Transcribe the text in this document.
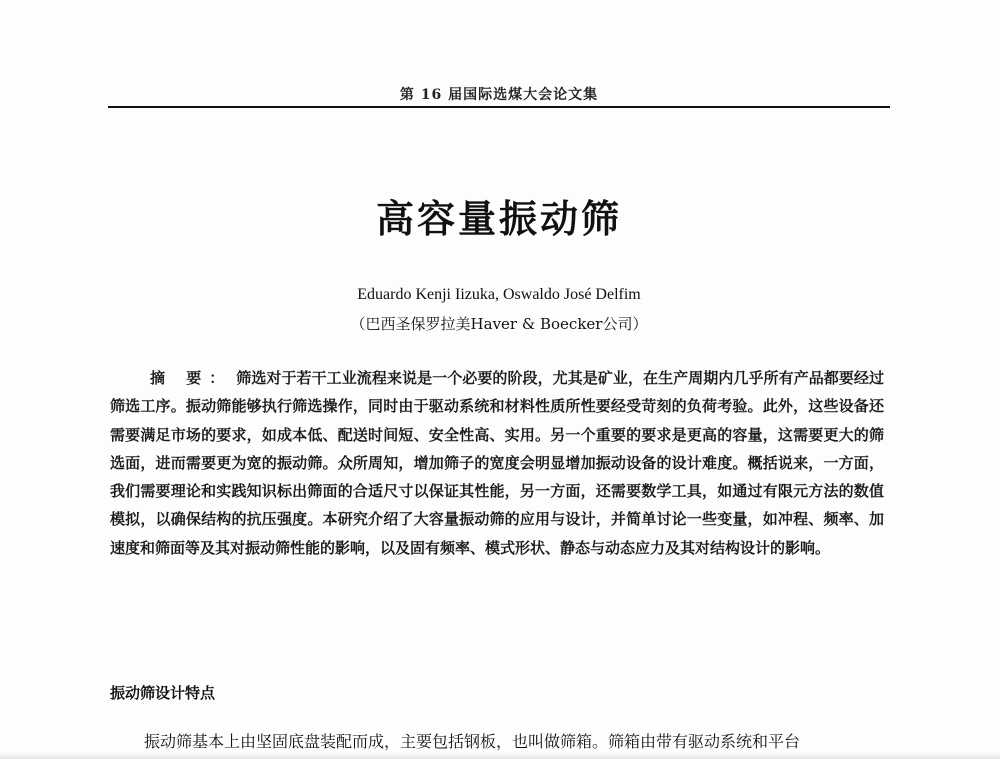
第 16 届国际选煤大会论文集
高容量振动筛
Eduardo Kenji Iizuka, Oswaldo José Delfim
（巴西圣保罗拉美Haver & Boecker公司）
摘 要： 筛选对于若干工业流程来说是一个必要的阶段，尤其是矿业，在生产周期内几乎所有产品都要经过筛选工序。振动筛能够执行筛选操作，同时由于驱动系统和材料性质所性要经受苛刻的负荷考验。此外，这些设备还需要满足市场的要求，如成本低、配送时间短、安全性高、实用。另一个重要的要求是更高的容量，这需要更大的筛选面，进而需要更为宽的振动筛。众所周知，增加筛子的宽度会明显增加振动设备的设计难度。概括说来，一方面，我们需要理论和实践知识标出筛面的合适尺寸以保证其性能，另一方面，还需要数学工具，如通过有限元方法的数值模拟，以确保结构的抗压强度。本研究介绍了大容量振动筛的应用与设计，并简单讨论一些变量，如冲程、频率、加速度和筛面等及其对振动筛性能的影响，以及固有频率、模式形状、静态与动态应力及其对结构设计的影响。
振动筛设计特点
振动筛基本上由坚固底盘装配而成，主要包括钢板，也叫做筛箱。筛箱由带有驱动系统和平台
